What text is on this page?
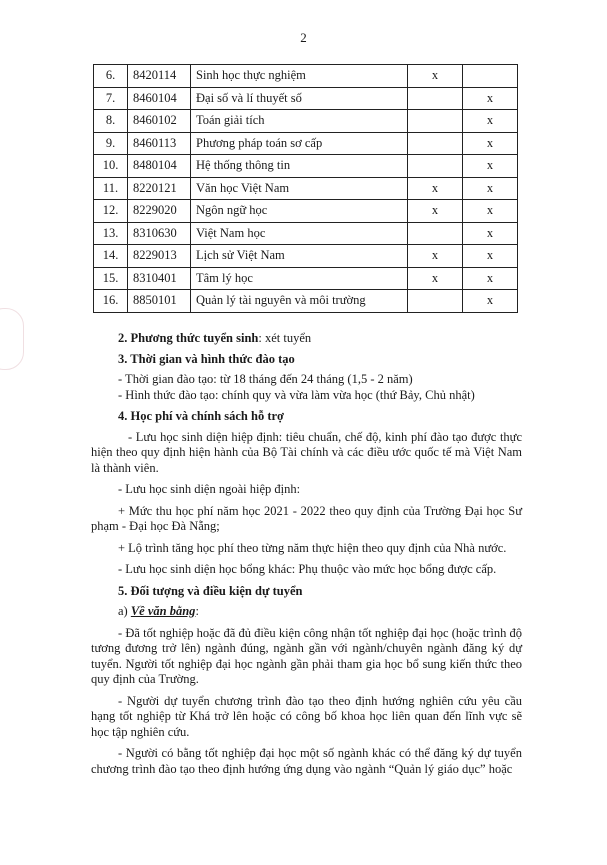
2
6.	8420114	Sinh học thực nghiệm	x	
7.	8460104	Đại số và lí thuyết số		x
8.	8460102	Toán giải tích		x
9.	8460113	Phương pháp toán sơ cấp		x
10.	8480104	Hệ thống thông tin		x
11.	8220121	Văn học Việt Nam	x	x
12.	8229020	Ngôn ngữ học	x	x
13.	8310630	Việt Nam học		x
14.	8229013	Lịch sử Việt Nam	x	x
15.	8310401	Tâm lý học	x	x
16.	8850101	Quản lý tài nguyên và môi trường		x

2. Phương thức tuyển sinh: xét tuyển

3. Thời gian và hình thức đào tạo

- Thời gian đào tạo: từ 18 tháng đến 24 tháng (1,5 - 2 năm)

- Hình thức đào tạo: chính quy và vừa làm vừa học (thứ Bảy, Chủ nhật)

4. Học phí và chính sách hỗ trợ

- Lưu học sinh diện hiệp định: tiêu chuẩn, chế độ, kinh phí đào tạo được thực hiện theo quy định hiện hành của Bộ Tài chính và các điều ước quốc tế mà Việt Nam là thành viên.

- Lưu học sinh diện ngoài hiệp định:

+ Mức thu học phí năm học 2021 - 2022 theo quy định của Trường Đại học Sư phạm - Đại học Đà Nẵng;

+ Lộ trình tăng học phí theo từng năm thực hiện theo quy định của Nhà nước.

- Lưu học sinh diện học bổng khác: Phụ thuộc vào mức học bổng được cấp.

5. Đối tượng và điều kiện dự tuyển

a) Về văn bằng:

- Đã tốt nghiệp hoặc đã đủ điều kiện công nhận tốt nghiệp đại học (hoặc trình độ tương đương trở lên) ngành đúng, ngành gần với ngành/chuyên ngành đăng ký dự tuyển. Người tốt nghiệp đại học ngành gần phải tham gia học bổ sung kiến thức theo quy định của Trường.

- Người dự tuyển chương trình đào tạo theo định hướng nghiên cứu yêu cầu hạng tốt nghiệp từ Khá trở lên hoặc có công bố khoa học liên quan đến lĩnh vực sẽ học tập nghiên cứu.

- Người có bằng tốt nghiệp đại học một số ngành khác có thể đăng ký dự tuyển chương trình đào tạo theo định hướng ứng dụng vào ngành “Quản lý giáo dục” hoặc
